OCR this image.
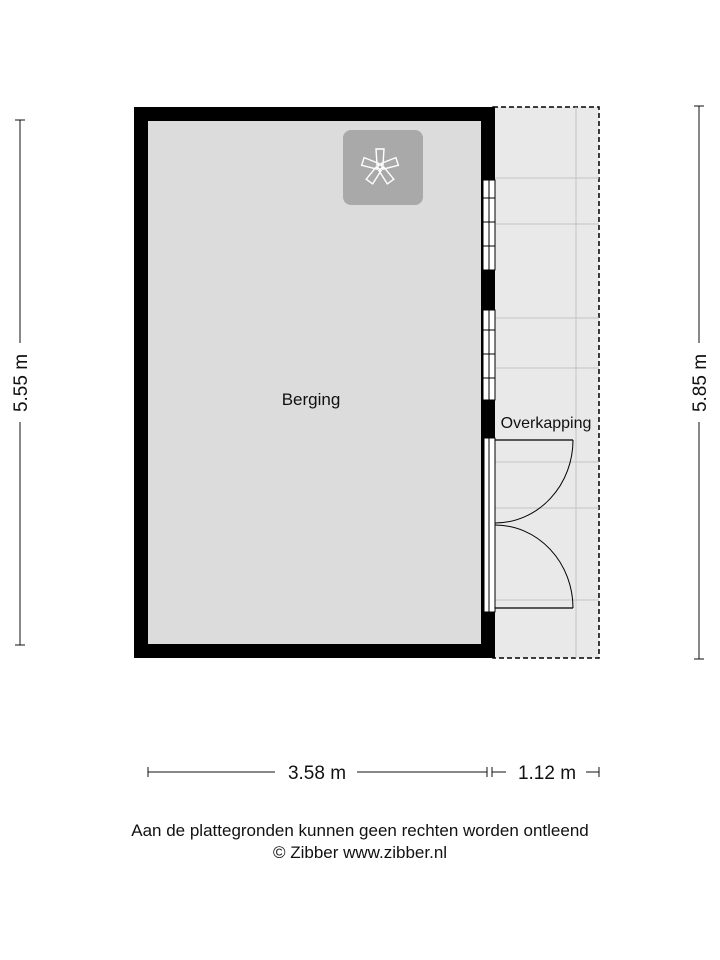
Berging
Overkapping
5.55 m	5.85 m
3.58 m	1.12 m
Aan de plattegronden kunnen geen rechten worden ontleend
© Zibber www.zibber.nl
